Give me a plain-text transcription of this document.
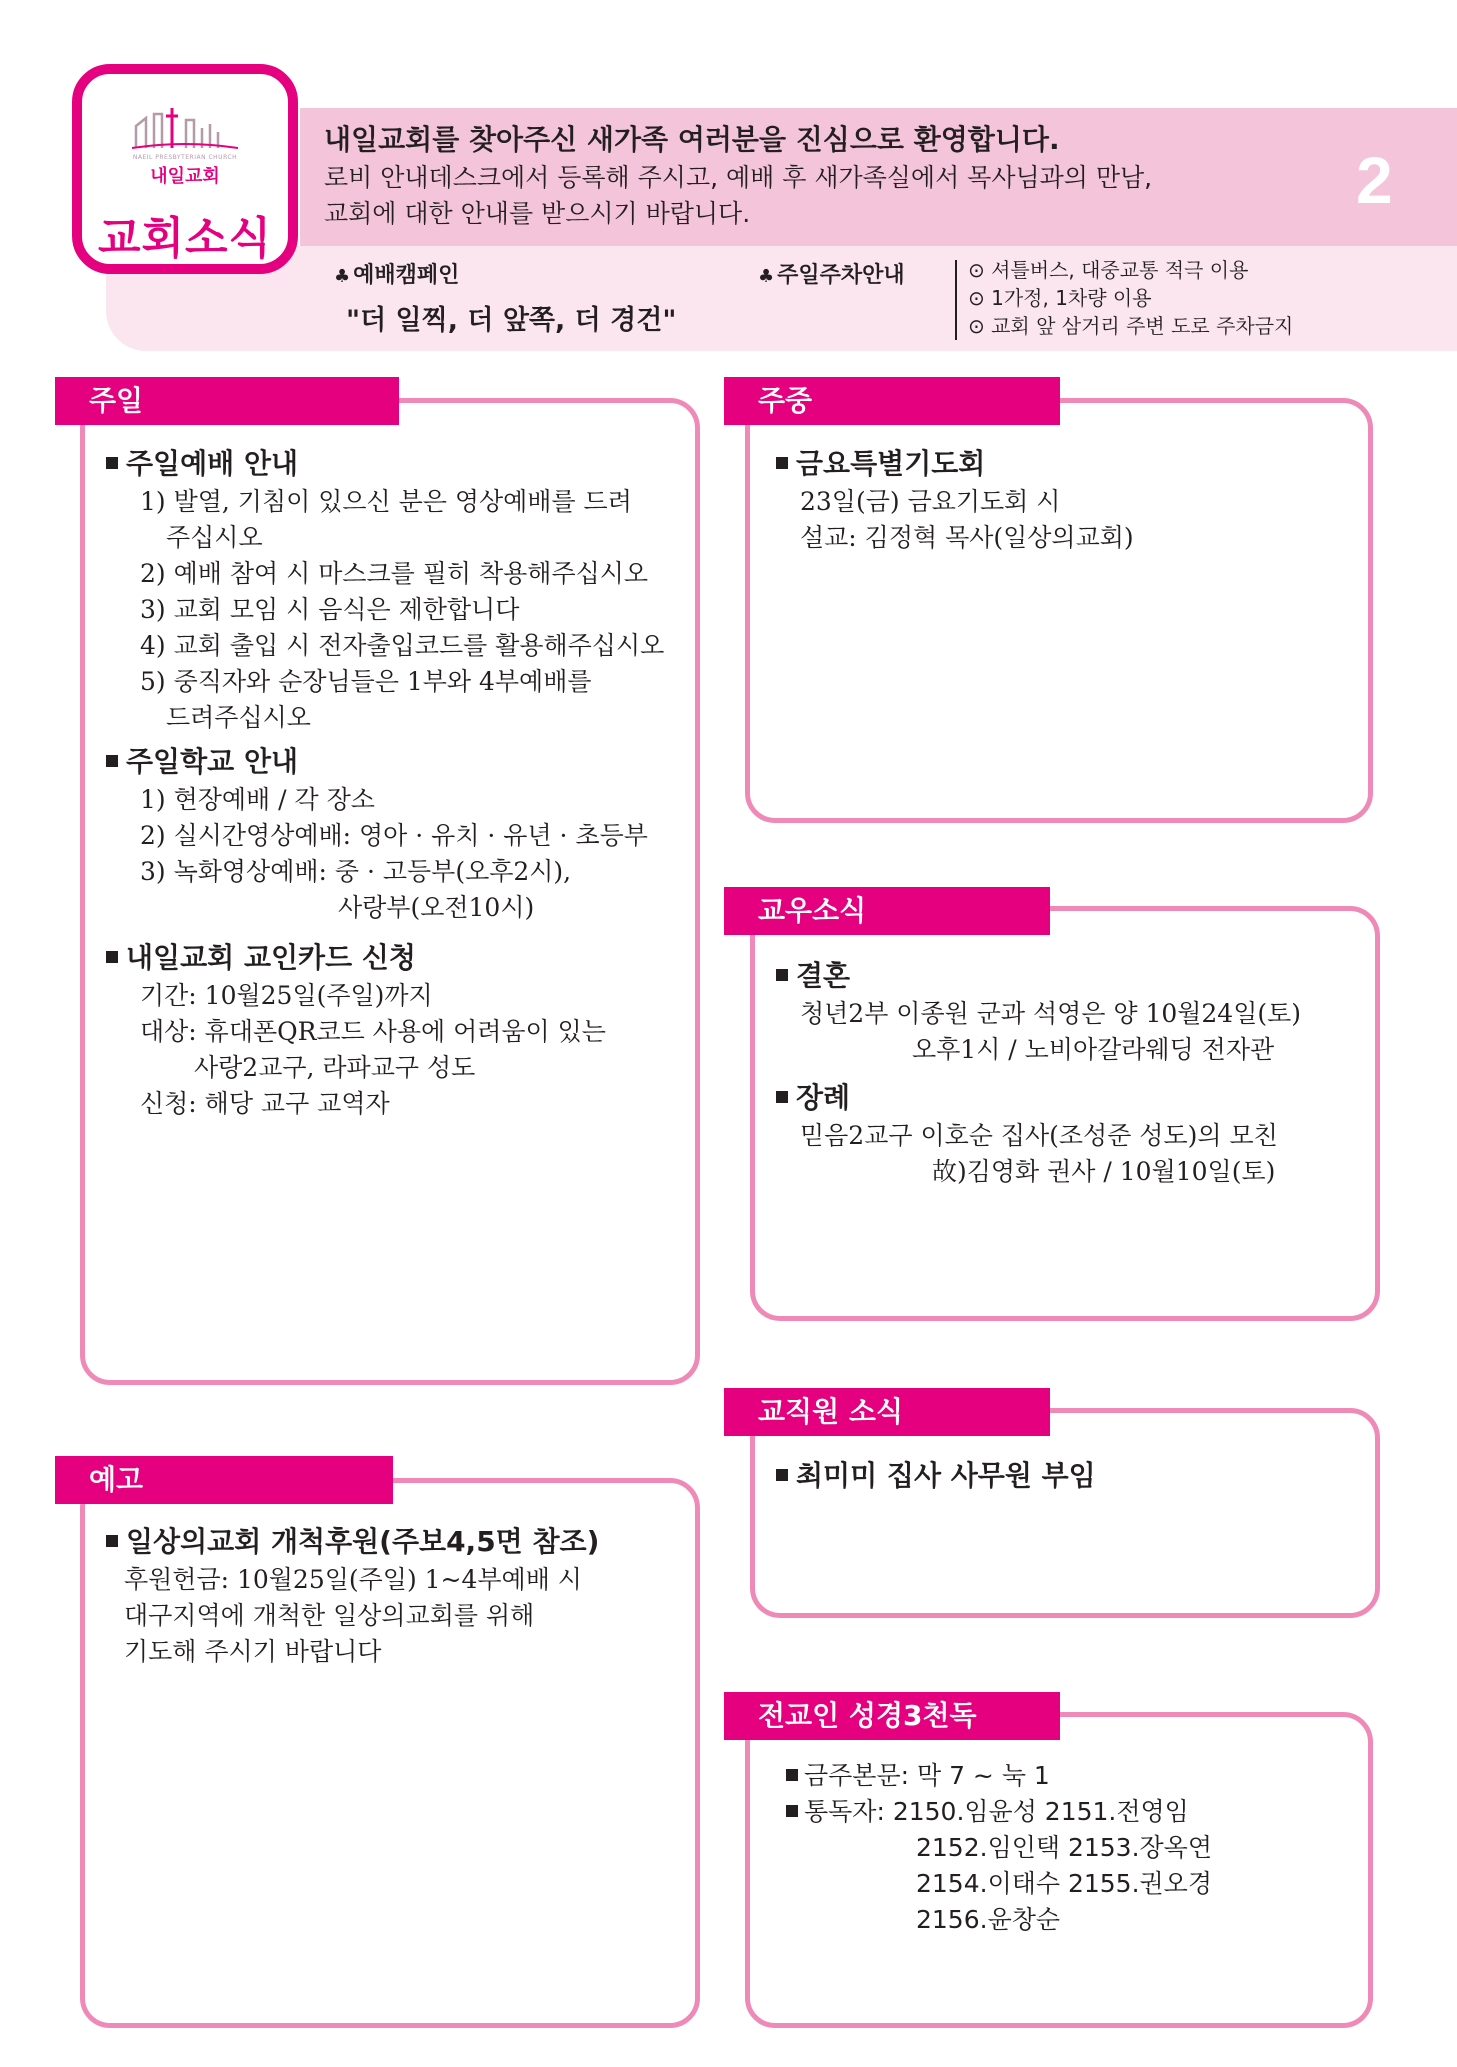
NAEIL PRESBYTERIAN CHURCH
내일교회
교회소식
2
내일교회를 찾아주신 새가족 여러분을 진심으로 환영합니다.
로비 안내데스크에서 등록해 주시고, 예배 후 새가족실에서 목사님과의 만남,
교회에 대한 안내를 받으시기 바랍니다.
♣ 예배캠페인
"더 일찍, 더 앞쪽, 더 경건"
♣ 주일주차안내	⊙ 셔틀버스, 대중교통 적극 이용
⊙ 1가정, 1차량 이용
⊙ 교회 앞 삼거리 주변 도로 주차금지
주일
주일예배 안내
1) 발열, 기침이 있으신 분은 영상예배를 드려
주십시오
2) 예배 참여 시 마스크를 필히 착용해주십시오
3) 교회 모임 시 음식은 제한합니다
4) 교회 출입 시 전자출입코드를 활용해주십시오
5) 중직자와 순장님들은 1부와 4부예배를
드려주십시오
주일학교 안내
1) 현장예배 / 각 장소
2) 실시간영상예배: 영아 · 유치 · 유년 · 초등부
3) 녹화영상예배: 중 · 고등부(오후2시),
사랑부(오전10시)
내일교회 교인카드 신청
기간: 10월25일(주일)까지
대상: 휴대폰QR코드 사용에 어려움이 있는
사랑2교구, 라파교구 성도
신청: 해당 교구 교역자
예고
일상의교회 개척후원(주보4,5면 참조)
후원헌금: 10월25일(주일) 1~4부예배 시
대구지역에 개척한 일상의교회를 위해
기도해 주시기 바랍니다
주중
금요특별기도회
23일(금) 금요기도회 시
설교: 김정혁 목사(일상의교회)
교우소식
결혼
청년2부 이종원 군과 석영은 양 10월24일(토)
오후1시 / 노비아갈라웨딩 전자관
장례
믿음2교구 이호순 집사(조성준 성도)의 모친
故)김영화 권사 / 10월10일(토)
교직원 소식
최미미 집사 사무원 부임
전교인 성경3천독
금주본문: 막 7 ~ 눅 1
통독자: 2150.임윤성 2151.전영임
2152.임인택 2153.장옥연
2154.이태수 2155.권오경
2156.윤창순
